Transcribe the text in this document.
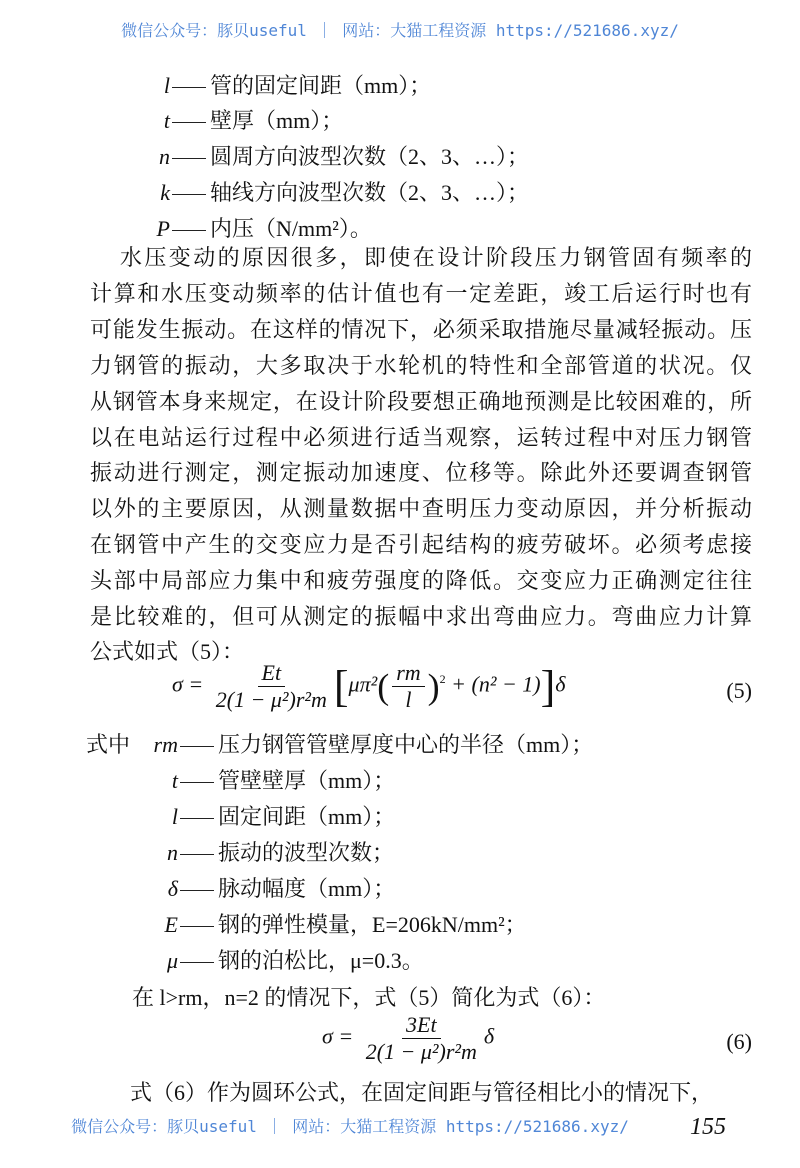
微信公众号：豚贝useful ｜ 网站：大猫工程资源 https://521686.xyz/
l 管的固定间距（mm）；
t 壁厚（mm）；
n 圆周方向波型次数（2、3、…）；
k 轴线方向波型次数（2、3、…）；
P 内压（N/mm²）。
水压变动的原因很多，即使在设计阶段压力钢管固有频率的
计算和水压变动频率的估计值也有一定差距，竣工后运行时也有
可能发生振动。在这样的情况下，必须采取措施尽量减轻振动。压
力钢管的振动，大多取决于水轮机的特性和全部管道的状况。仅
从钢管本身来规定，在设计阶段要想正确地预测是比较困难的，所
以在电站运行过程中必须进行适当观察，运转过程中对压力钢管
振动进行测定，测定振动加速度、位移等。除此外还要调查钢管
以外的主要原因，从测量数据中查明压力变动原因，并分析振动
在钢管中产生的交变应力是否引起结构的疲劳破坏。必须考虑接
头部中局部应力集中和疲劳强度的降低。交变应力正确测定往往
是比较难的，但可从测定的振幅中求出弯曲应力。弯曲应力计算
公式如式（5）：
$\sigma = \frac{Et}{\text{2(1 − μ²)r²m}} [\mu\pi^2( \frac{rm}{l} )^2 + (n^2 - 1)]\delta$	(5)
式中 rm 压力钢管管壁厚度中心的半径（mm）；
t 管壁壁厚（mm）；
l 固定间距（mm）；
n 振动的波型次数；
δ 脉动幅度（mm）；
E 钢的弹性模量，E=206kN/mm²；
μ 钢的泊松比，μ=0.3。
在 l>rm，n=2 的情况下，式（5）简化为式（6）：
$\sigma = \frac{3Et}{\text{2(1 − μ²)r²m}}$ δ	(6)
式（6）作为圆环公式，在固定间距与管径相比小的情况下，
微信公众号：豚贝useful ｜ 网站：大猫工程资源 https://521686.xyz/	155
